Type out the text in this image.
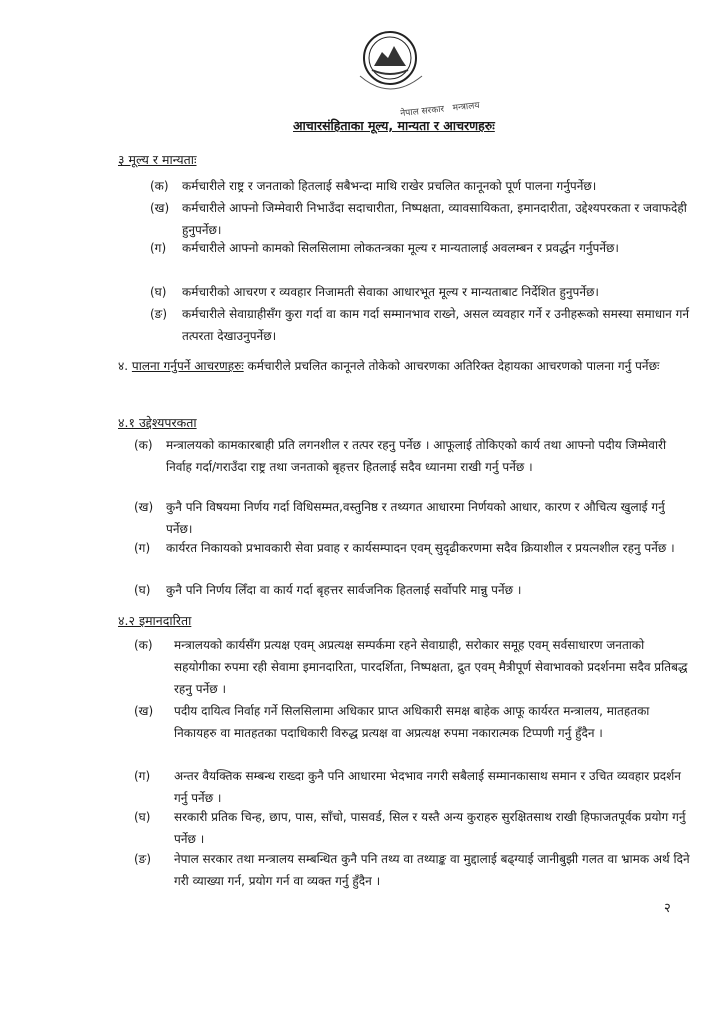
नेपाल सरकार मन्त्रालय
आचारसंहिताका मूल्य, मान्यता र आचरणहरुः
३ मूल्य र मान्यताः
(क) कर्मचारीले राष्ट्र र जनताको हितलाई सबैभन्दा माथि राखेर प्रचलित कानूनको पूर्ण पालना गर्नुपर्नेछ।
(ख) कर्मचारीले आफ्नो जिम्मेवारी निभाउँदा सदाचारीता, निष्पक्षता, व्यावसायिकता, इमानदारीता, उद्देश्यपरकता र जवाफदेही हुनुपर्नेछ।
(ग) कर्मचारीले आफ्नो कामको सिलसिलामा लोकतन्त्रका मूल्य र मान्यतालाई अवलम्बन र प्रवर्द्धन गर्नुपर्नेछ।
(घ) कर्मचारीको आचरण र व्यवहार निजामती सेवाका आधारभूत मूल्य र मान्यताबाट निर्देशित हुनुपर्नेछ।
(ङ) कर्मचारीले सेवाग्राहीसँग कुरा गर्दा वा काम गर्दा सम्मानभाव राख्ने, असल व्यवहार गर्ने र उनीहरूको समस्या समाधान गर्न तत्परता देखाउनुपर्नेछ।
४. पालना गर्नुपर्ने आचरणहरुः कर्मचारीले प्रचलित कानूनले तोकेको आचरणका अतिरिक्त देहायका आचरणको पालना गर्नु पर्नेछः
४.१ उद्देश्यपरकता
(क) मन्त्रालयको कामकारबाही प्रति लगनशील र तत्पर रहनु पर्नेछ । आफूलाई तोकिएको कार्य तथा आफ्नो पदीय जिम्मेवारी निर्वाह गर्दा/गराउँदा राष्ट्र तथा जनताको बृहत्तर हितलाई सदैव ध्यानमा राखी गर्नु पर्नेछ ।
(ख) कुनै पनि विषयमा निर्णय गर्दा विधिसम्मत,वस्तुनिष्ठ र तथ्यगत आधारमा निर्णयको आधार, कारण र औचित्य खुलाई गर्नु पर्नेछ।
(ग) कार्यरत निकायको प्रभावकारी सेवा प्रवाह र कार्यसम्पादन एवम् सुदृढीकरणमा सदैव क्रियाशील र प्रयत्नशील रहनु पर्नेछ ।
(घ) कुनै पनि निर्णय लिँदा वा कार्य गर्दा बृहत्तर सार्वजनिक हितलाई सर्वोपरि मान्नु पर्नेछ ।
४.२ इमानदारिता
(क) मन्त्रालयको कार्यसँग प्रत्यक्ष एवम् अप्रत्यक्ष सम्पर्कमा रहने सेवाग्राही, सरोकार समूह एवम् सर्वसाधारण जनताको सहयोगीका रुपमा रही सेवामा इमानदारिता, पारदर्शिता, निष्पक्षता, द्रुत एवम् मैत्रीपूर्ण सेवाभावको प्रदर्शनमा सदैव प्रतिबद्ध रहनु पर्नेछ ।
(ख) पदीय दायित्व निर्वाह गर्ने सिलसिलामा अधिकार प्राप्त अधिकारी समक्ष बाहेक आफू कार्यरत मन्त्रालय, मातहतका निकायहरु वा मातहतका पदाधिकारी विरुद्ध प्रत्यक्ष वा अप्रत्यक्ष रुपमा नकारात्मक टिप्पणी गर्नु हुँदैन ।
(ग) अन्तर वैयक्तिक सम्बन्ध राख्दा कुनै पनि आधारमा भेदभाव नगरी सबैलाई सम्मानकासाथ समान र उचित व्यवहार प्रदर्शन गर्नु पर्नेछ ।
(घ) सरकारी प्रतिक चिन्ह, छाप, पास, साँचो, पासवर्ड, सिल र यस्तै अन्य कुराहरु सुरक्षितसाथ राखी हिफाजतपूर्वक प्रयोग गर्नु पर्नेछ ।
(ङ) नेपाल सरकार तथा मन्त्रालय सम्बन्धित कुनै पनि तथ्य वा तथ्याङ्क वा मुद्दालाई बढ्ग्याई जानीबुझी गलत वा भ्रामक अर्थ दिने गरी व्याख्या गर्न, प्रयोग गर्न वा व्यक्त गर्नु हुँदैन ।
२
